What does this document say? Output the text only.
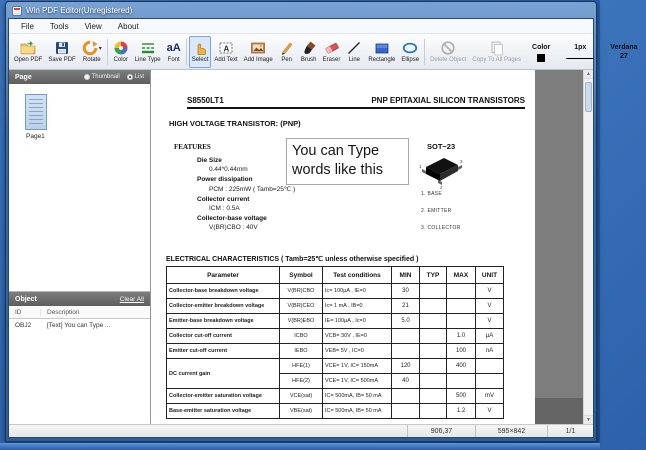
Win PDF Editor(Unregistered)
File	Tools	View	About
Open PDF Save PDF
▾
Rotate Color Line Type
aA
Font Select
A
Add Text Add Image Pen Brush Eraser Line Rectangle Ellipse Delete Object Copy To All Pages
Color	1px	Verdana
27
Page	Thumbnail	List
Page1
Object	Clear All
ID	Description
OBJ2	[Text] You can Type ...
S8550LT1	PNP EPITAXIAL SILICON TRANSISTORS
HIGH VOLTAGE TRANSISTOR: (PNP)
FEATURES
Die Size
0.44*0.44mm
Power dissipation
PCM : 225mW ( Tamb=25℃ )
Collector current
ICM : 0.5A
Collector-base voltage
V(BR)CBO : 40V
You can Type
words like this
SOT−23
1
2
3
1. BASE
2. EMITTER
3. COLLECTOR
ELECTRICAL CHARACTERISTICS ( Tamb=25℃ unless otherwise specified )
Parameter	Symbol	Test conditions	MIN	TYP	MAX	UNIT
Collector-base breakdown voltage	V(BR)CBO	Ic= 100µA , IE=0	30			V
Collector-emitter breakdown voltage	V(BR)CEO	Ic= 1 mA , IB=0	21			V
Emitter-base breakdown voltage	V(BR)EBO	IE= 100µA , Ic=0	5.0			V
Collector cut-off current	ICBO	VCB= 30V , IE=0			1.0	µA
Emitter cut-off current	IEBO	VEB= 5V , IC=0			100	nA
DC current gain	HFE(1)	VCE= 1V, IC= 150mA	120		400	
	HFE(2)	VCE= 1V, IC= 500mA	40			
Collector-emitter saturation voltage	VCE(sat)	IC= 500mA, IB= 50 mA			500	mV
Base-emitter saturation voltage	VBE(sat)	IC= 500mA, IB= 50 mA			1.2	V
▲
▼
906,37	595×842	1/1
